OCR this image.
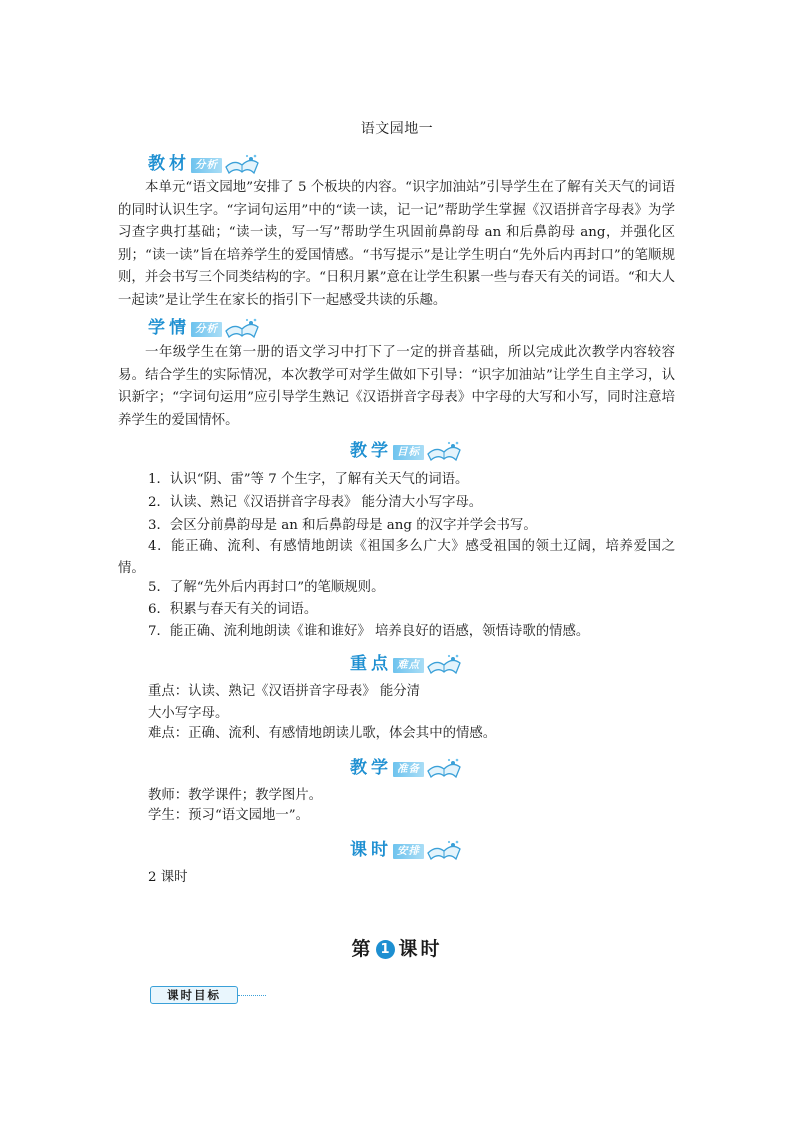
语文园地一
教材 分析

本单元“语文园地”安排了 5 个板块的内容。“识字加油站”引导学生在了解有关天气的词语的同时认识生字。“字词句运用”中的“读一读，记一记”帮助学生掌握《汉语拼音字母表》为学习查字典打基础；“读一读，写一写”帮助学生巩固前鼻韵母 an 和后鼻韵母 ang，并强化区别；“读一读”旨在培养学生的爱国情感。“书写提示”是让学生明白“先外后内再封口”的笔顺规则，并会书写三个同类结构的字。“日积月累”意在让学生积累一些与春天有关的词语。“和大人一起读”是让学生在家长的指引下一起感受共读的乐趣。

学情 分析

一年级学生在第一册的语文学习中打下了一定的拼音基础，所以完成此次教学内容较容易。结合学生的实际情况，本次教学可对学生做如下引导：“识字加油站”让学生自主学习，认识新字；“字词句运用”应引导学生熟记《汉语拼音字母表》中字母的大写和小写，同时注意培养学生的爱国情怀。

教学 目标
1．认识“阴、雷”等 7 个生字，了解有关天气的词语。
2．认读、熟记《汉语拼音字母表》 能分清大小写字母。
3．会区分前鼻韵母是 an 和后鼻韵母是 ang 的汉字并学会书写。

4．能正确、流利、有感情地朗读《祖国多么广大》感受祖国的领土辽阔，培养爱国之情。

5．了解“先外后内再封口”的笔顺规则。
6．积累与春天有关的词语。
7．能正确、流利地朗读《谁和谁好》 培养良好的语感，领悟诗歌的情感。
重点 难点
重点：认读、熟记《汉语拼音字母表》 能分清
大小写字母。
难点：正确、流利、有感情地朗读儿歌，体会其中的情感。
教学 准备
教师：教学课件；教学图片。
学生：预习“语文园地一”。
课时 安排
2 课时
第 1 课时
课时目标
